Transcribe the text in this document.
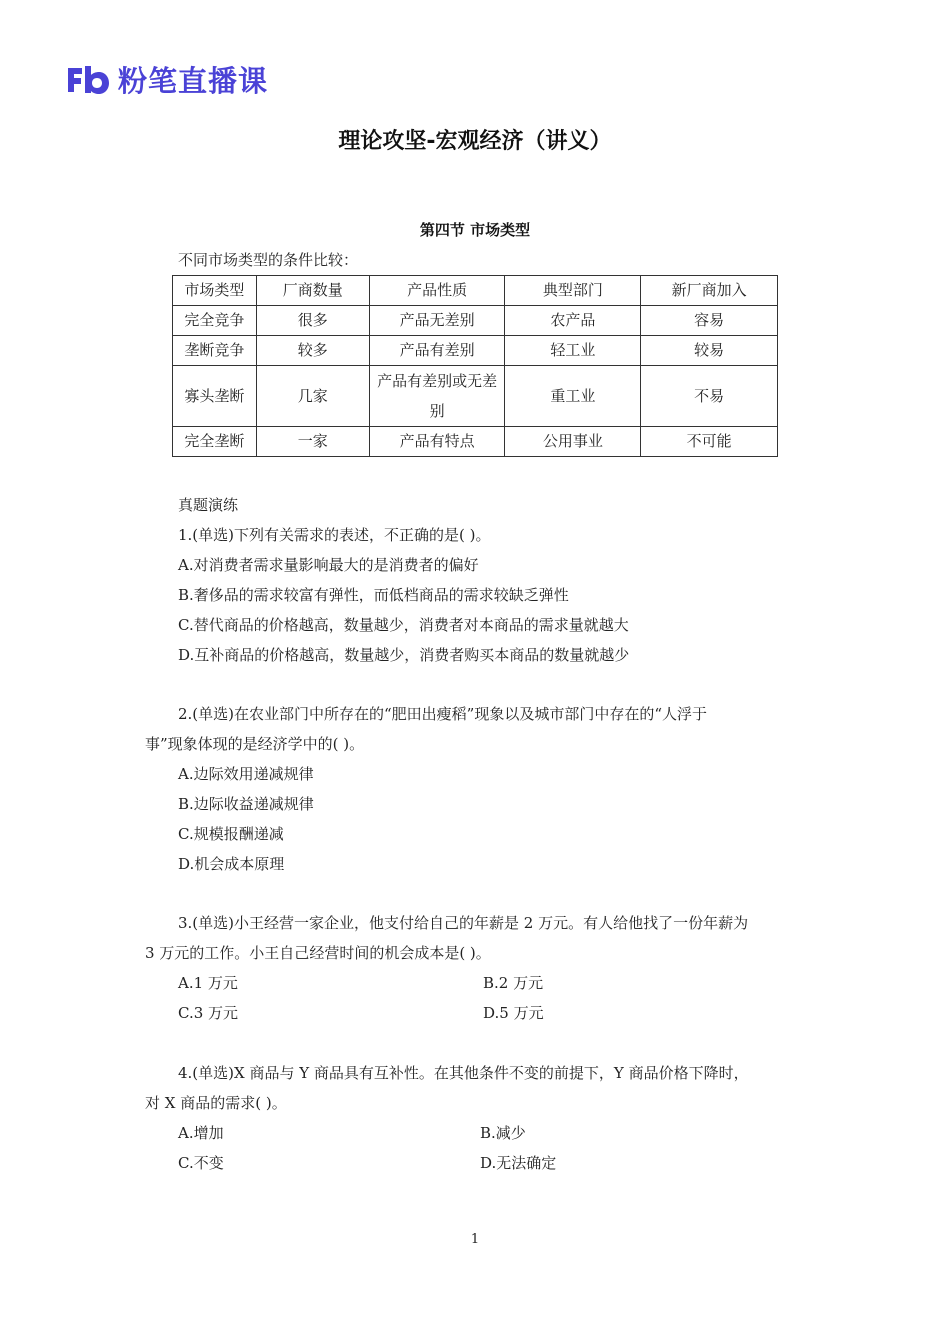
粉笔直播课
理论攻坚-宏观经济（讲义）
第四节 市场类型
不同市场类型的条件比较：
市场类型	厂商数量	产品性质	典型部门	新厂商加入
完全竞争	很多	产品无差别	农产品	容易
垄断竞争	较多	产品有差别	轻工业	较易
寡头垄断	几家	产品有差别或无差别	重工业	不易
完全垄断	一家	产品有特点	公用事业	不可能
真题演练
1.(单选)下列有关需求的表述，不正确的是( )。
A.对消费者需求量影响最大的是消费者的偏好
B.奢侈品的需求较富有弹性，而低档商品的需求较缺乏弹性
C.替代商品的价格越高，数量越少，消费者对本商品的需求量就越大
D.互补商品的价格越高，数量越少，消费者购买本商品的数量就越少
2.(单选)在农业部门中所存在的“肥田出瘦稻”现象以及城市部门中存在的“人浮于
事”现象体现的是经济学中的( )。
A.边际效用递减规律
B.边际收益递减规律
C.规模报酬递减
D.机会成本原理
3.(单选)小王经营一家企业，他支付给自己的年薪是 2 万元。有人给他找了一份年薪为
3 万元的工作。小王自己经营时间的机会成本是( )。
A.1 万元	B.2 万元
C.3 万元	D.5 万元
4.(单选)X 商品与 Y 商品具有互补性。在其他条件不变的前提下，Y 商品价格下降时，
对 X 商品的需求( )。
A.增加	B.减少
C.不变	D.无法确定
1
